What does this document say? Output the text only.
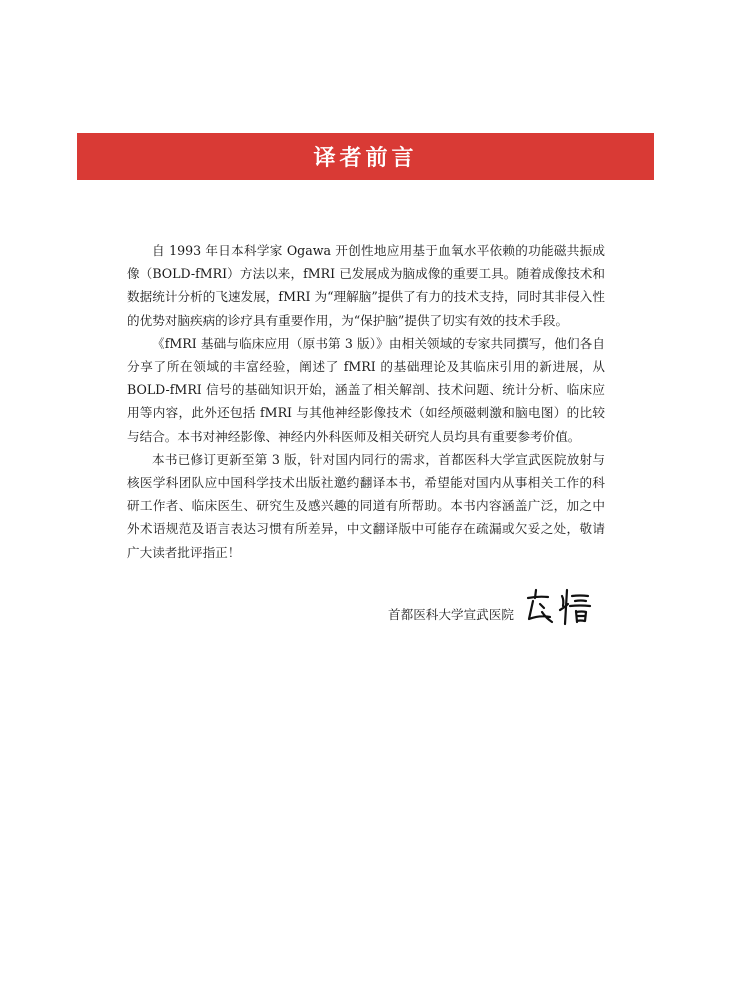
译者前言

自 1993 年日本科学家 Ogawa 开创性地应用基于血氧水平依赖的功能磁共振成像（BOLD-fMRI）方法以来，fMRI 已发展成为脑成像的重要工具。随着成像技术和数据统计分析的飞速发展，fMRI 为“理解脑”提供了有力的技术支持，同时其非侵入性的优势对脑疾病的诊疗具有重要作用，为“保护脑”提供了切实有效的技术手段。

《fMRI 基础与临床应用（原书第 3 版）》由相关领域的专家共同撰写，他们各自分享了所在领域的丰富经验，阐述了 fMRI 的基础理论及其临床引用的新进展，从 BOLD-fMRI 信号的基础知识开始，涵盖了相关解剖、技术问题、统计分析、临床应用等内容，此外还包括 fMRI 与其他神经影像技术（如经颅磁刺激和脑电图）的比较与结合。本书对神经影像、神经内外科医师及相关研究人员均具有重要参考价值。

本书已修订更新至第 3 版，针对国内同行的需求，首都医科大学宣武医院放射与核医学科团队应中国科学技术出版社邀约翻译本书，希望能对国内从事相关工作的科研工作者、临床医生、研究生及感兴趣的同道有所帮助。本书内容涵盖广泛，加之中外术语规范及语言表达习惯有所差异，中文翻译版中可能存在疏漏或欠妥之处，敬请广大读者批评指正！

首都医科大学宣武医院
